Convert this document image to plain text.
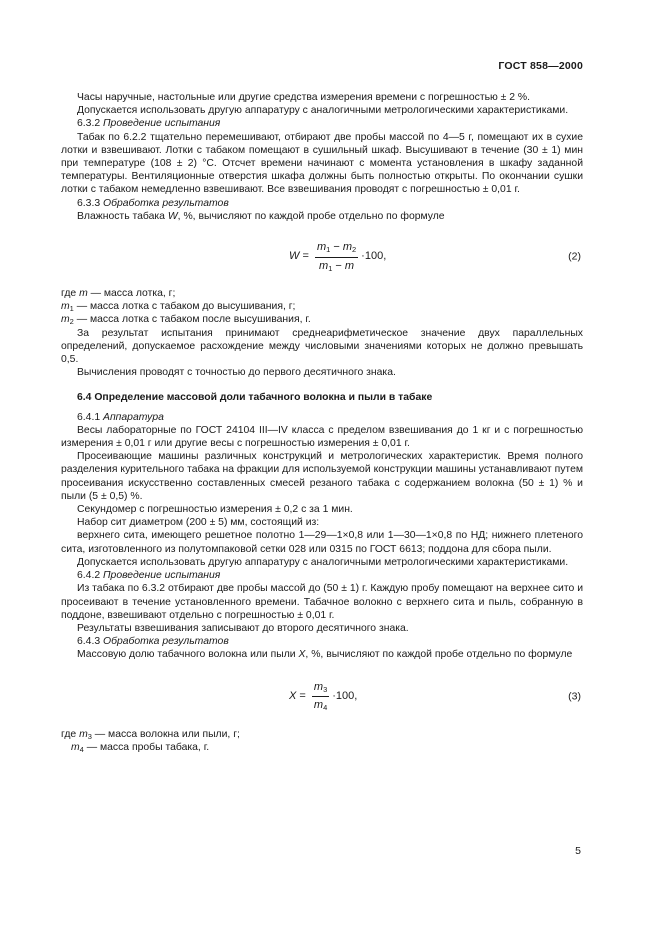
ГОСТ 858—2000

Часы наручные, настольные или другие средства измерения времени с погрешностью ± 2 %.

Допускается использовать другую аппаратуру с аналогичными метрологическими характеристиками.

6.3.2 Проведение испытания

Табак по 6.2.2 тщательно перемешивают, отбирают две пробы массой по 4—5 г, помещают их в сухие лотки и взвешивают. Лотки с табаком помещают в сушильный шкаф. Высушивают в течение (30 ± 1) мин при температуре (108 ± 2) °С. Отсчет времени начинают с момента установления в шкафу заданной температуры. Вентиляционные отверстия шкафа должны быть полностью открыты. По окончании сушки лотки с табаком немедленно взвешивают. Все взвешивания проводят с погрешностью ± 0,01 г.

6.3.3 Обработка результатов

Влажность табака W, %, вычисляют по каждой пробе отдельно по формуле

$W = \frac{m_1 - m_2}{m_1 - m} \cdot 100$,	(2)

где m — масса лотка, г;

$m_1$ — масса лотка с табаком до высушивания, г;

$m_2$ — масса лотка с табаком после высушивания, г.

За результат испытания принимают среднеарифметическое значение двух параллельных определений, допускаемое расхождение между числовыми значениями которых не должно превышать 0,5.

Вычисления проводят с точностью до первого десятичного знака.

6.4 Определение массовой доли табачного волокна и пыли в табаке

6.4.1 Аппаратура

Весы лабораторные по ГОСТ 24104 III—IV класса с пределом взвешивания до 1 кг и с погрешностью измерения ± 0,01 г или другие весы с погрешностью измерения ± 0,01 г.

Просеивающие машины различных конструкций и метрологических характеристик. Время полного разделения курительного табака на фракции для используемой конструкции машины устанавливают путем просеивания искусственно составленных смесей резаного табака с содержанием волокна (50 ± 1) % и пыли (5 ± 0,5) %.

Секундомер с погрешностью измерения ± 0,2 с за 1 мин.

Набор сит диаметром (200 ± 5) мм, состоящий из:

верхнего сита, имеющего решетное полотно 1—29—1×0,8 или 1—30—1×0,8 по НД; нижнего плетеного сита, изготовленного из полутомпаковой сетки 028 или 0315 по ГОСТ 6613; поддона для сбора пыли.

Допускается использовать другую аппаратуру с аналогичными метрологическими характеристиками.

6.4.2 Проведение испытания

Из табака по 6.3.2 отбирают две пробы массой до (50 ± 1) г. Каждую пробу помещают на верхнее сито и просеивают в течение установленного времени. Табачное волокно с верхнего сита и пыль, собранную в поддоне, взвешивают отдельно с погрешностью ± 0,01 г.

Результаты взвешивания записывают до второго десятичного знака.

6.4.3 Обработка результатов

Массовую долю табачного волокна или пыли X, %, вычисляют по каждой пробе отдельно по формуле

$X = \frac{m_3}{m_4} \cdot 100$,	(3)

где $m_3$ — масса волокна или пыли, г;

$m_4$ — масса пробы табака, г.

5
